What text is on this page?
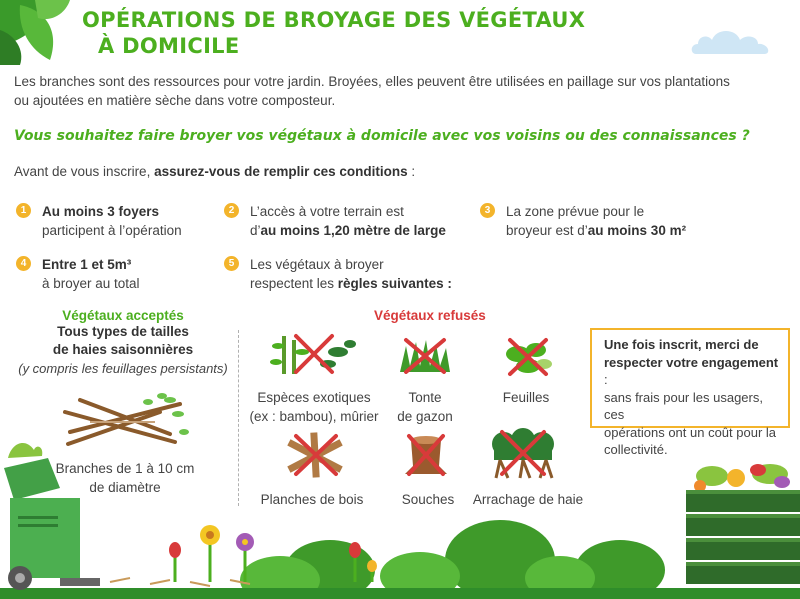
OPÉRATIONS DE BROYAGE DES VÉGÉTAUX
À DOMICILE
Les branches sont des ressources pour votre jardin. Broyées, elles peuvent être utilisées en paillage sur vos plantations
ou ajoutées en matière sèche dans votre composteur.
Vous souhaitez faire broyer vos végétaux à domicile avec vos voisins ou des connaissances ?
Avant de vous inscrire, assurez-vous de remplir ces conditions :
1	Au moins 3 foyers
participent à l’opération
2	L’accès à votre terrain est
d’au moins 1,20 mètre de large
3	La zone prévue pour le
broyeur est d’au moins 30 m²
4	Entre 1 et 5m³
à broyer au total
5	Les végétaux à broyer
respectent les règles suivantes :
Végétaux acceptés
Tous types de tailles
de haies saisonnières
(y compris les feuillages persistants)
Branches de 1 à 10 cm
de diamètre
Végétaux refusés
Espèces exotiques
(ex : bambou), mûrier
Tonte
de gazon
Feuilles
Planches de bois	Souches	Arrachage de haie
Une fois inscrit, merci de
respecter votre engagement :
sans frais pour les usagers, ces
opérations ont un coût pour la
collectivité.
